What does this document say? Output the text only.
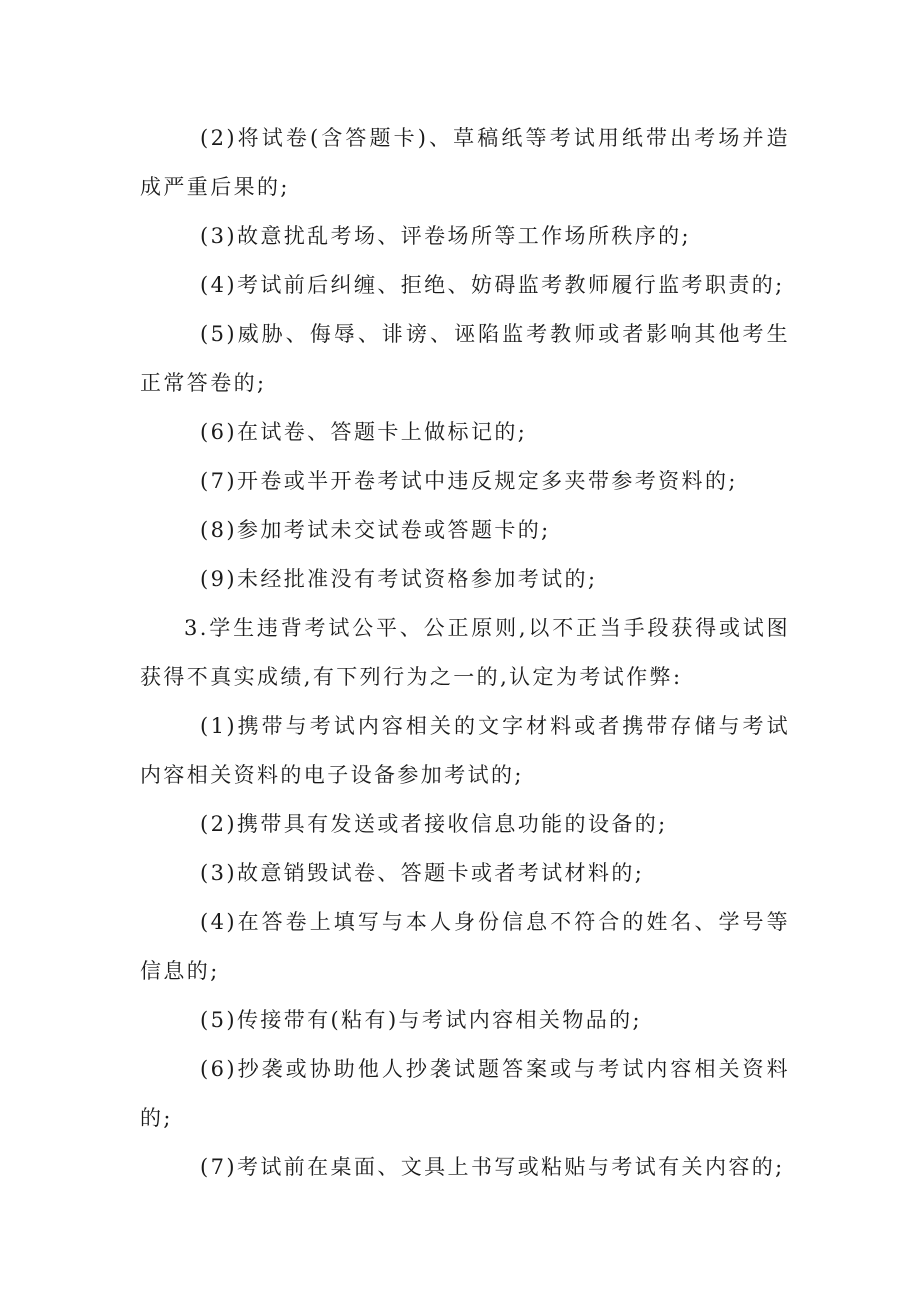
(2)将试卷(含答题卡)、草稿纸等考试用纸带出考场并造成严重后果的;

(3)故意扰乱考场、评卷场所等工作场所秩序的;

(4)考试前后纠缠、拒绝、妨碍监考教师履行监考职责的;

(5)威胁、侮辱、诽谤、诬陷监考教师或者影响其他考生正常答卷的;

(6)在试卷、答题卡上做标记的;

(7)开卷或半开卷考试中违反规定多夹带参考资料的;

(8)参加考试未交试卷或答题卡的;

(9)未经批准没有考试资格参加考试的;

3.学生违背考试公平、公正原则,以不正当手段获得或试图获得不真实成绩,有下列行为之一的,认定为考试作弊:

(1)携带与考试内容相关的文字材料或者携带存储与考试内容相关资料的电子设备参加考试的;

(2)携带具有发送或者接收信息功能的设备的;

(3)故意销毁试卷、答题卡或者考试材料的;

(4)在答卷上填写与本人身份信息不符合的姓名、学号等信息的;

(5)传接带有(粘有)与考试内容相关物品的;

(6)抄袭或协助他人抄袭试题答案或与考试内容相关资料的;

(7)考试前在桌面、文具上书写或粘贴与考试有关内容的;
